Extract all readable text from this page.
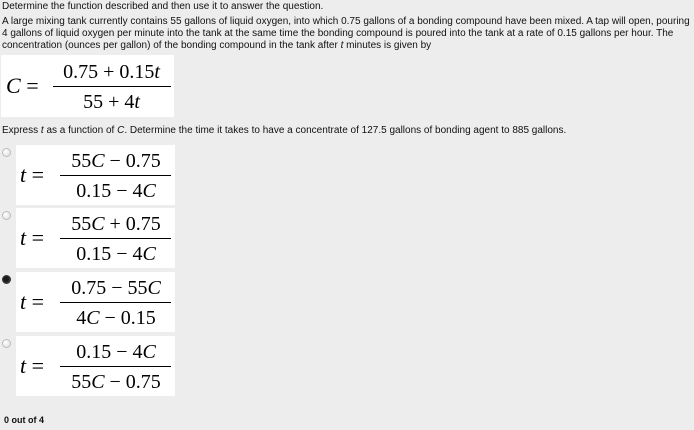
Determine the function described and then use it to answer the question.
A large mixing tank currently contains 55 gallons of liquid oxygen, into which 0.75 gallons of a bonding compound have been mixed. A tap will open, pouring 4 gallons of liquid oxygen per minute into the tank at the same time the bonding compound is poured into the tank at a rate of 0.15 gallons per hour. The concentration (ounces per gallon) of the bonding compound in the tank after t minutes is given by
C =
0.75 + 0.15t
55 + 4t
Express t as a function of C. Determine the time it takes to have a concentrate of 127.5 gallons of bonding agent to 885 gallons.
t =
55C − 0.75
0.15 − 4C
t =
55C + 0.75
0.15 − 4C
t =
0.75 − 55C
4C − 0.15
t =
0.15 − 4C
55C − 0.75
0 out of 4
